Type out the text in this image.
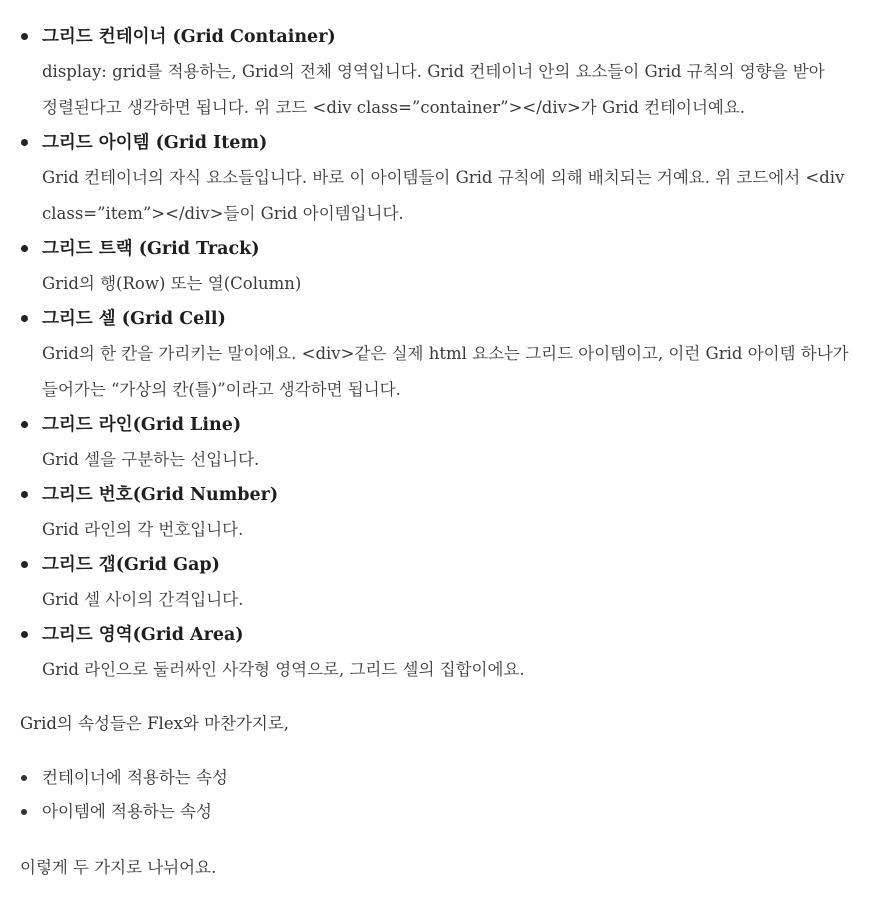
그리드 컨테이너 (Grid Container)
display: grid를 적용하는, Grid의 전체 영역입니다. Grid 컨테이너 안의 요소들이 Grid 규칙의 영향을 받아 정렬된다고 생각하면 됩니다. 위 코드 <div class=”container”></div>가 Grid 컨테이너예요.
그리드 아이템 (Grid Item)
Grid 컨테이너의 자식 요소들입니다. 바로 이 아이템들이 Grid 규칙에 의해 배치되는 거예요. 위 코드에서 <div class=”item”></div>들이 Grid 아이템입니다.
그리드 트랙 (Grid Track)
Grid의 행(Row) 또는 열(Column)
그리드 셀 (Grid Cell)
Grid의 한 칸을 가리키는 말이에요. <div>같은 실제 html 요소는 그리드 아이템이고, 이런 Grid 아이템 하나가 들어가는 “가상의 칸(틀)”이라고 생각하면 됩니다.
그리드 라인(Grid Line)
Grid 셀을 구분하는 선입니다.
그리드 번호(Grid Number)
Grid 라인의 각 번호입니다.
그리드 갭(Grid Gap)
Grid 셀 사이의 간격입니다.
그리드 영역(Grid Area)
Grid 라인으로 둘러싸인 사각형 영역으로, 그리드 셀의 집합이에요.

Grid의 속성들은 Flex와 마찬가지로,

컨테이너에 적용하는 속성
아이템에 적용하는 속성

이렇게 두 가지로 나뉘어요.
